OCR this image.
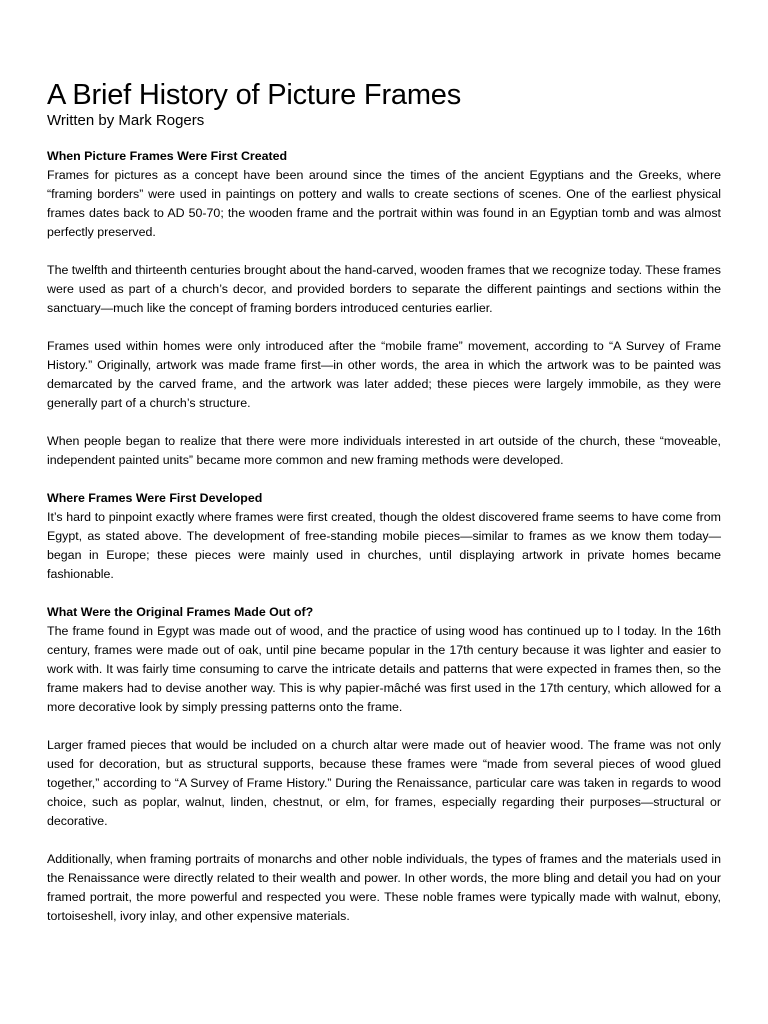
A Brief History of Picture Frames

Written by Mark Rogers

When Picture Frames Were First Created

Frames for pictures as a concept have been around since the times of the ancient Egyptians and the Greeks, where “framing borders” were used in paintings on pottery and walls to create sections of scenes. One of the earliest physical frames dates back to AD 50-70; the wooden frame and the portrait within was found in an Egyptian tomb and was almost perfectly preserved.

The twelfth and thirteenth centuries brought about the hand-carved, wooden frames that we recognize today. These frames were used as part of a church’s decor, and provided borders to separate the different paintings and sections within the sanctuary—much like the concept of framing borders introduced centuries earlier.

Frames used within homes were only introduced after the “mobile frame” movement, according to “A Survey of Frame History.” Originally, artwork was made frame first—in other words, the area in which the artwork was to be painted was demarcated by the carved frame, and the artwork was later added; these pieces were largely immobile, as they were generally part of a church’s structure.

When people began to realize that there were more individuals interested in art outside of the church, these “moveable, independent painted units” became more common and new framing methods were developed.

Where Frames Were First Developed

It’s hard to pinpoint exactly where frames were first created, though the oldest discovered frame seems to have come from Egypt, as stated above. The development of free-standing mobile pieces—similar to frames as we know them today—began in Europe; these pieces were mainly used in churches, until displaying artwork in private homes became fashionable.

What Were the Original Frames Made Out of?

The frame found in Egypt was made out of wood, and the practice of using wood has continued up to l today. In the 16th century, frames were made out of oak, until pine became popular in the 17th century because it was lighter and easier to work with. It was fairly time consuming to carve the intricate details and patterns that were expected in frames then, so the frame makers had to devise another way. This is why papier-mâché was first used in the 17th century, which allowed for a more decorative look by simply pressing patterns onto the frame.

Larger framed pieces that would be included on a church altar were made out of heavier wood. The frame was not only used for decoration, but as structural supports, because these frames were “made from several pieces of wood glued together,” according to “A Survey of Frame History.” During the Renaissance, particular care was taken in regards to wood choice, such as poplar, walnut, linden, chestnut, or elm, for frames, especially regarding their purposes—structural or decorative.

Additionally, when framing portraits of monarchs and other noble individuals, the types of frames and the materials used in the Renaissance were directly related to their wealth and power. In other words, the more bling and detail you had on your framed portrait, the more powerful and respected you were. These noble frames were typically made with walnut, ebony, tortoiseshell, ivory inlay, and other expensive materials.
